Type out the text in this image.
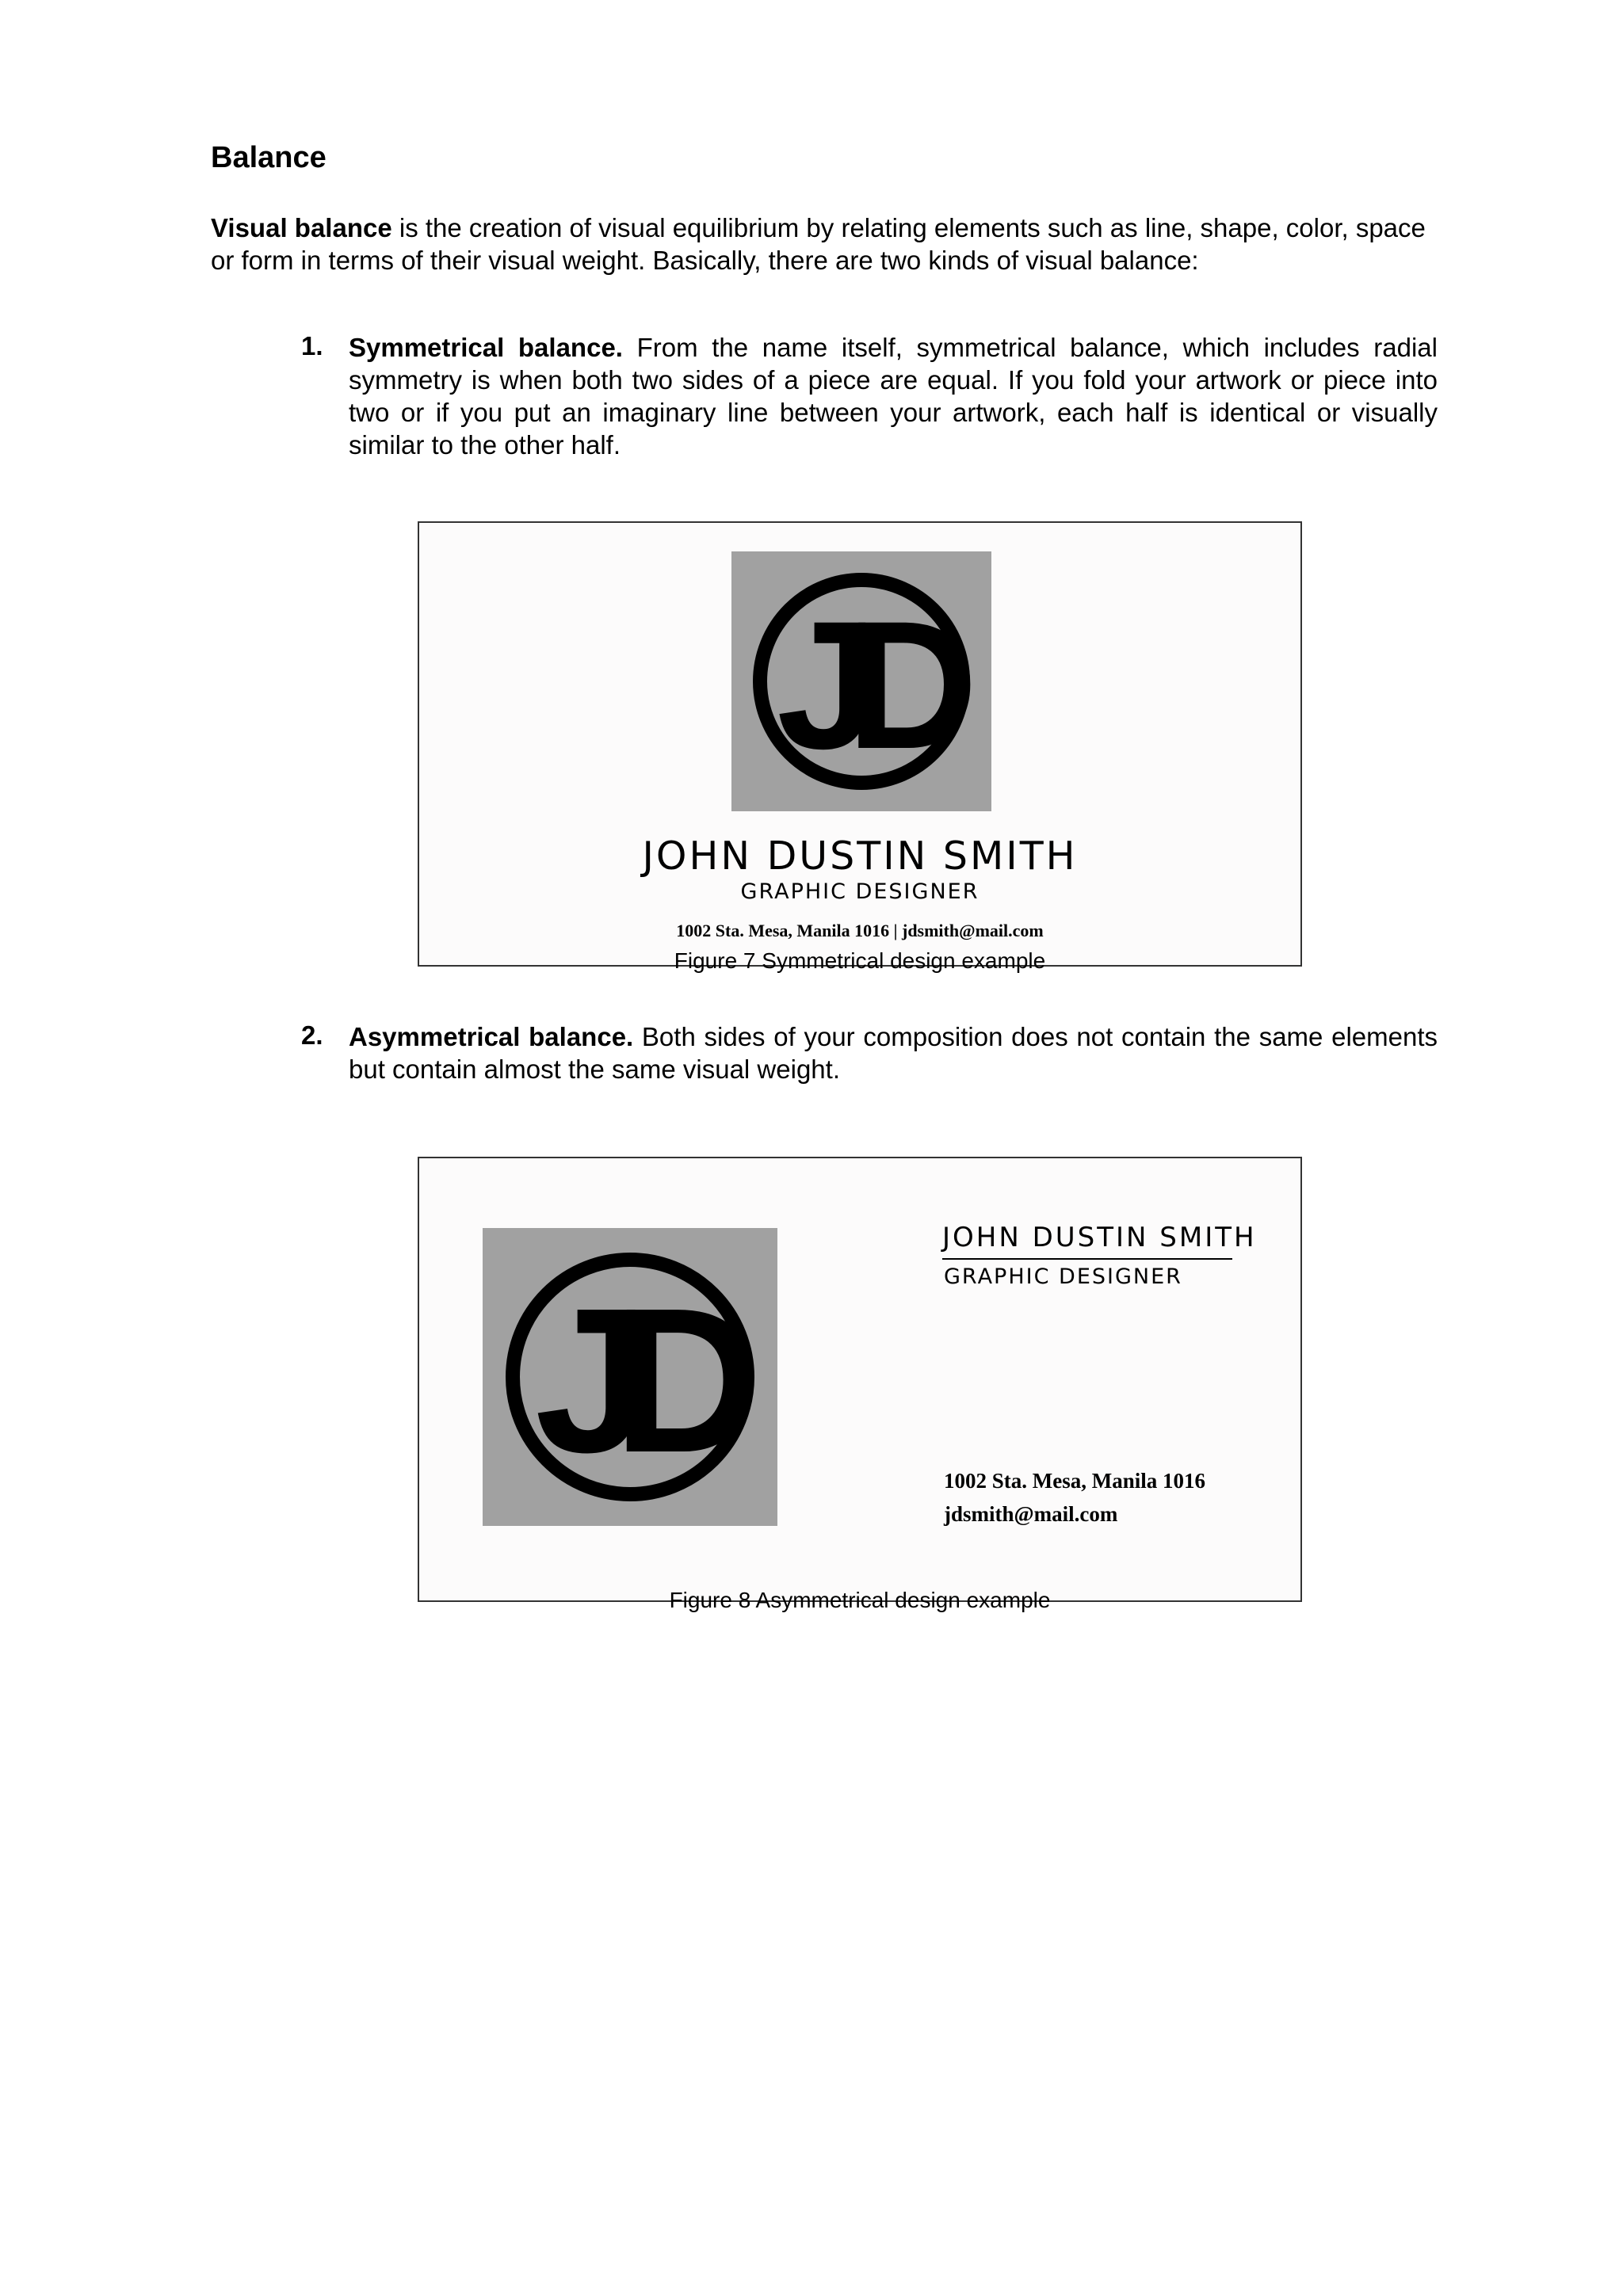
Balance
Visual balance is the creation of visual equilibrium by relating elements such as line, shape, color, space or form in terms of their visual weight. Basically, there are two kinds of visual balance:
1. Symmetrical balance. From the name itself, symmetrical balance, which includes radial symmetry is when both two sides of a piece are equal. If you fold your artwork or piece into two or if you put an imaginary line between your artwork, each half is identical or visually similar to the other half.
JD
JOHN DUSTIN SMITH
GRAPHIC DESIGNER
1002 Sta. Mesa, Manila 1016 | jdsmith@mail.com
Figure 7 Symmetrical design example
2. Asymmetrical balance. Both sides of your composition does not contain the same elements but contain almost the same visual weight.
JD
JOHN DUSTIN SMITH
GRAPHIC DESIGNER
1002 Sta. Mesa, Manila 1016
jdsmith@mail.com
Figure 8 Asymmetrical design example
